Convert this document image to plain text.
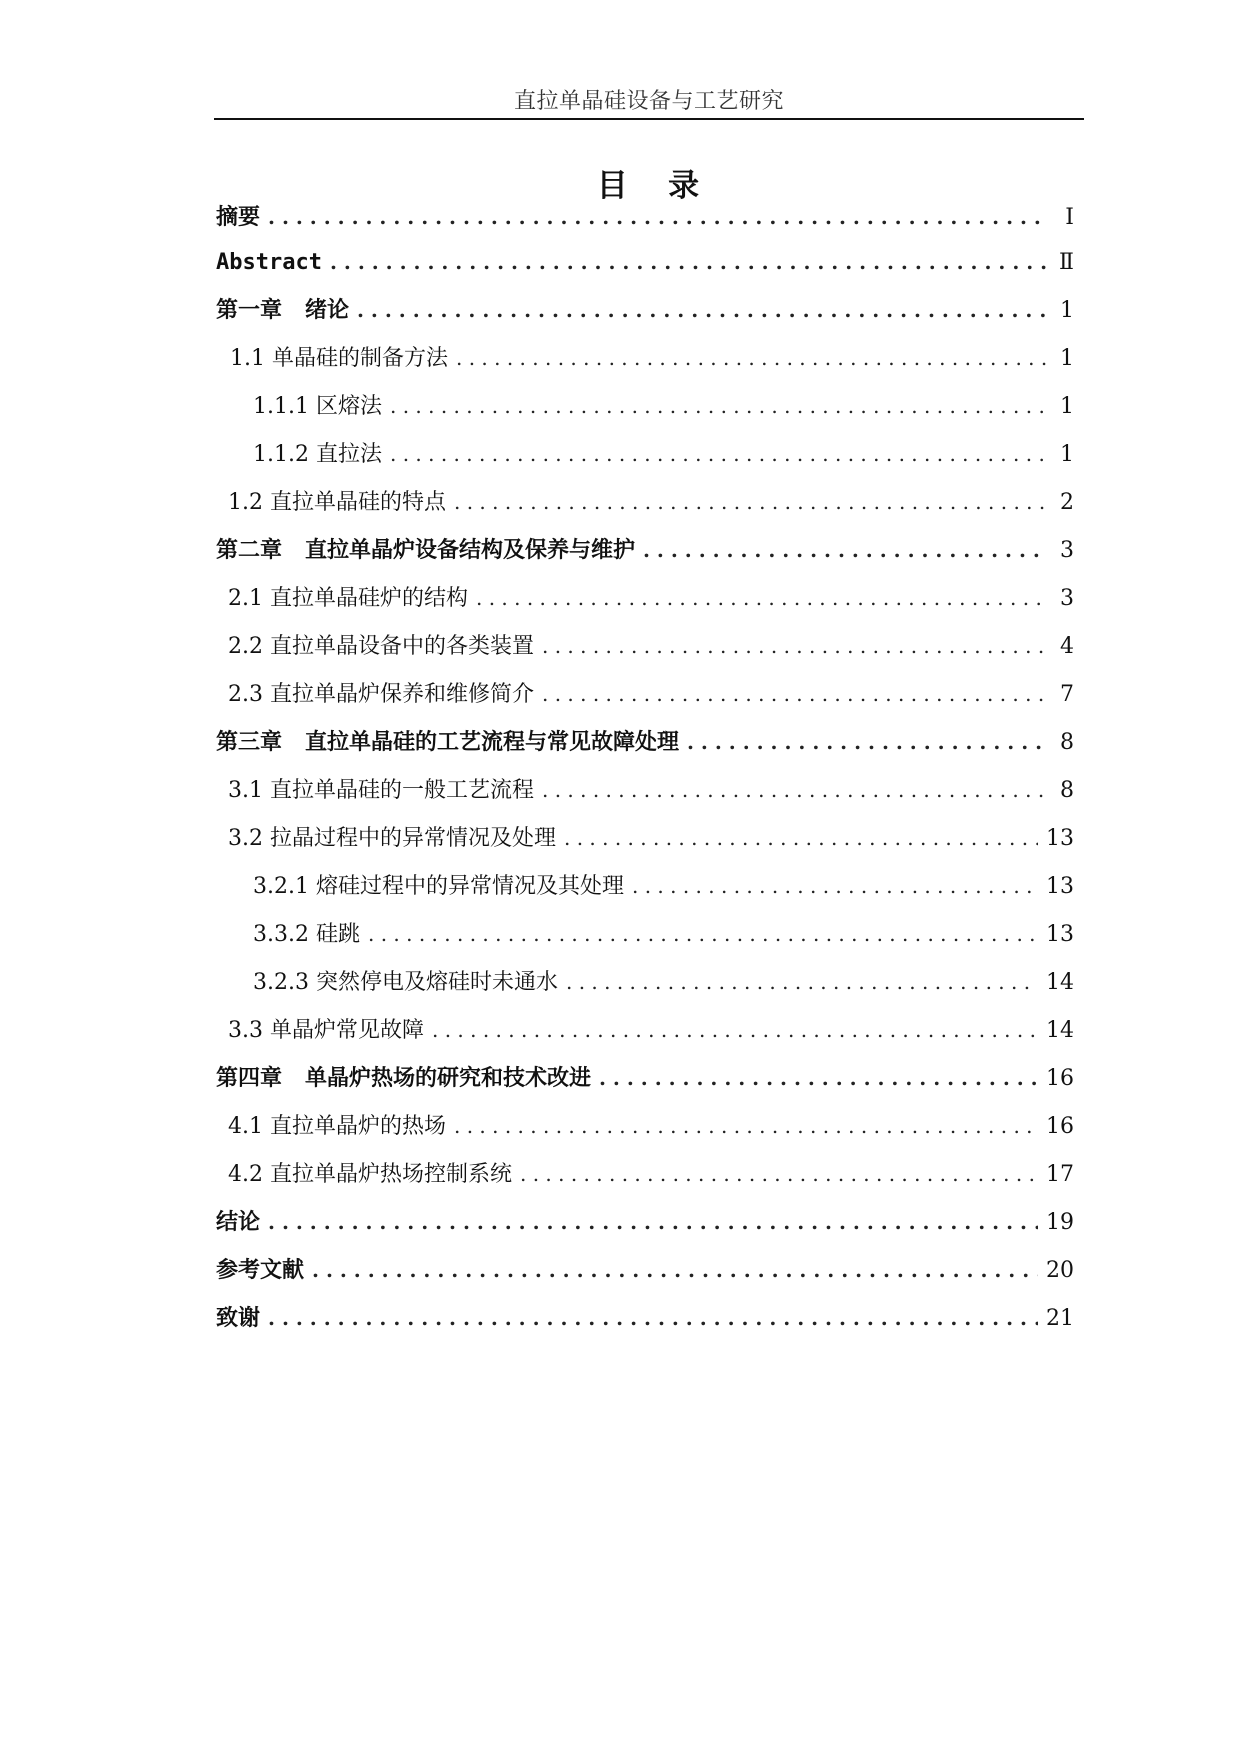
直拉单晶硅设备与工艺研究
目   录
摘要 . . .	Ⅰ
Abstract . . .	Ⅱ
第一章   绪论 . . .	1
1.1 单晶硅的制备方法 . . .	1
1.1.1 区熔法 . . .	1
1.1.2 直拉法 . . .	1
1.2 直拉单晶硅的特点 . . .	2
第二章   直拉单晶炉设备结构及保养与维护 . . .	3
2.1 直拉单晶硅炉的结构 . . .	3
2.2 直拉单晶设备中的各类装置 . . .	4
2.3 直拉单晶炉保养和维修简介 . . .	7
第三章   直拉单晶硅的工艺流程与常见故障处理 . . .	8
3.1 直拉单晶硅的一般工艺流程 . . .	8
3.2 拉晶过程中的异常情况及处理 . . .	13
3.2.1 熔硅过程中的异常情况及其处理 . . .	13
3.3.2 硅跳 . . .	13
3.2.3 突然停电及熔硅时未通水 . . .	14
3.3 单晶炉常见故障 . . .	14
第四章   单晶炉热场的研究和技术改进 . . .	16
4.1 直拉单晶炉的热场 . . .	16
4.2 直拉单晶炉热场控制系统 . . .	17
结论 . . .	19
参考文献 . . .	20
致谢 . . .	21
